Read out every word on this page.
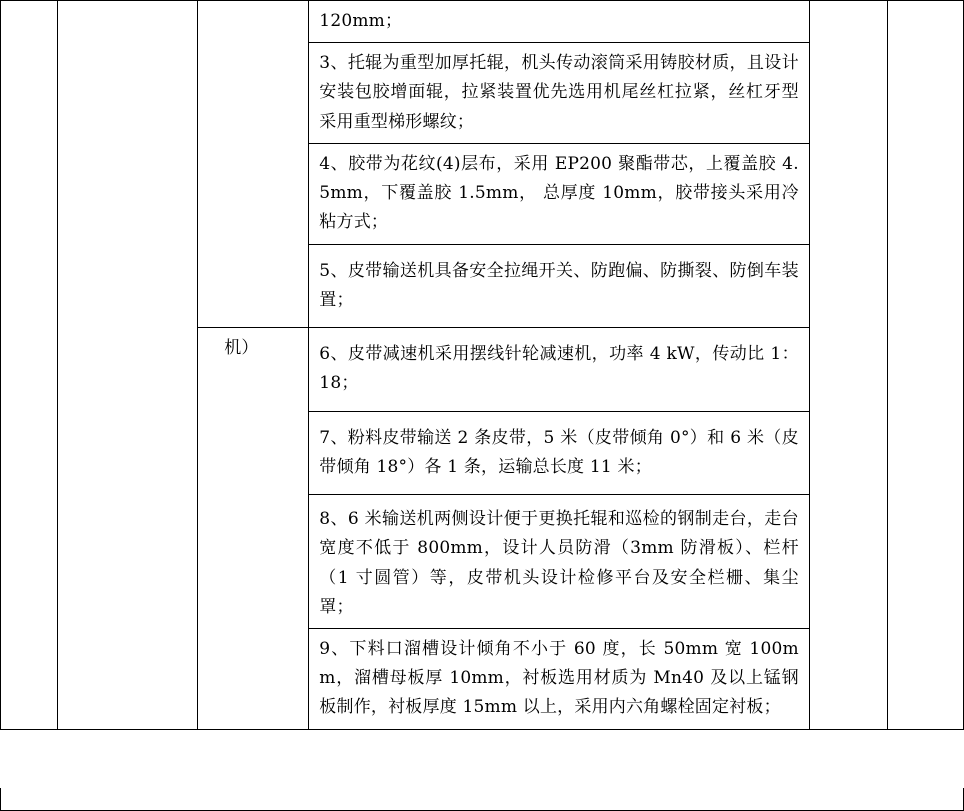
			120mm；		

			3、托辊为重型加厚托辊，机头传动滚筒采用铸胶材质，且设计安装包胶增面辊，拉紧装置优先选用机尾丝杠拉紧，丝杠牙型采用重型梯形螺纹；		

			4、胶带为花纹(4)层布，采用 EP200 聚酯带芯，上覆盖胶 4.5mm，下覆盖胶 1.5mm， 总厚度 10mm，胶带接头采用冷粘方式；		

			5、皮带输送机具备安全拉绳开关、防跑偏、防撕裂、防倒车装置；		

		机）	6、皮带减速机采用摆线针轮减速机，功率 4 kW，传动比 1：18；		

			7、粉料皮带输送 2 条皮带，5 米（皮带倾角 0°）和 6 米（皮带倾角 18°）各 1 条，运输总长度 11 米；		

			8、6 米输送机两侧设计便于更换托辊和巡检的钢制走台，走台宽度不低于 800mm，设计人员防滑（3mm 防滑板）、栏杆（1 寸圆管）等，皮带机头设计检修平台及安全栏栅、集尘罩；		

			9、下料口溜槽设计倾角不小于 60 度，长 50mm 宽 100mm，溜槽母板厚 10mm，衬板选用材质为 Mn40 及以上锰钢板制作，衬板厚度 15mm 以上，采用内六角螺栓固定衬板；		
